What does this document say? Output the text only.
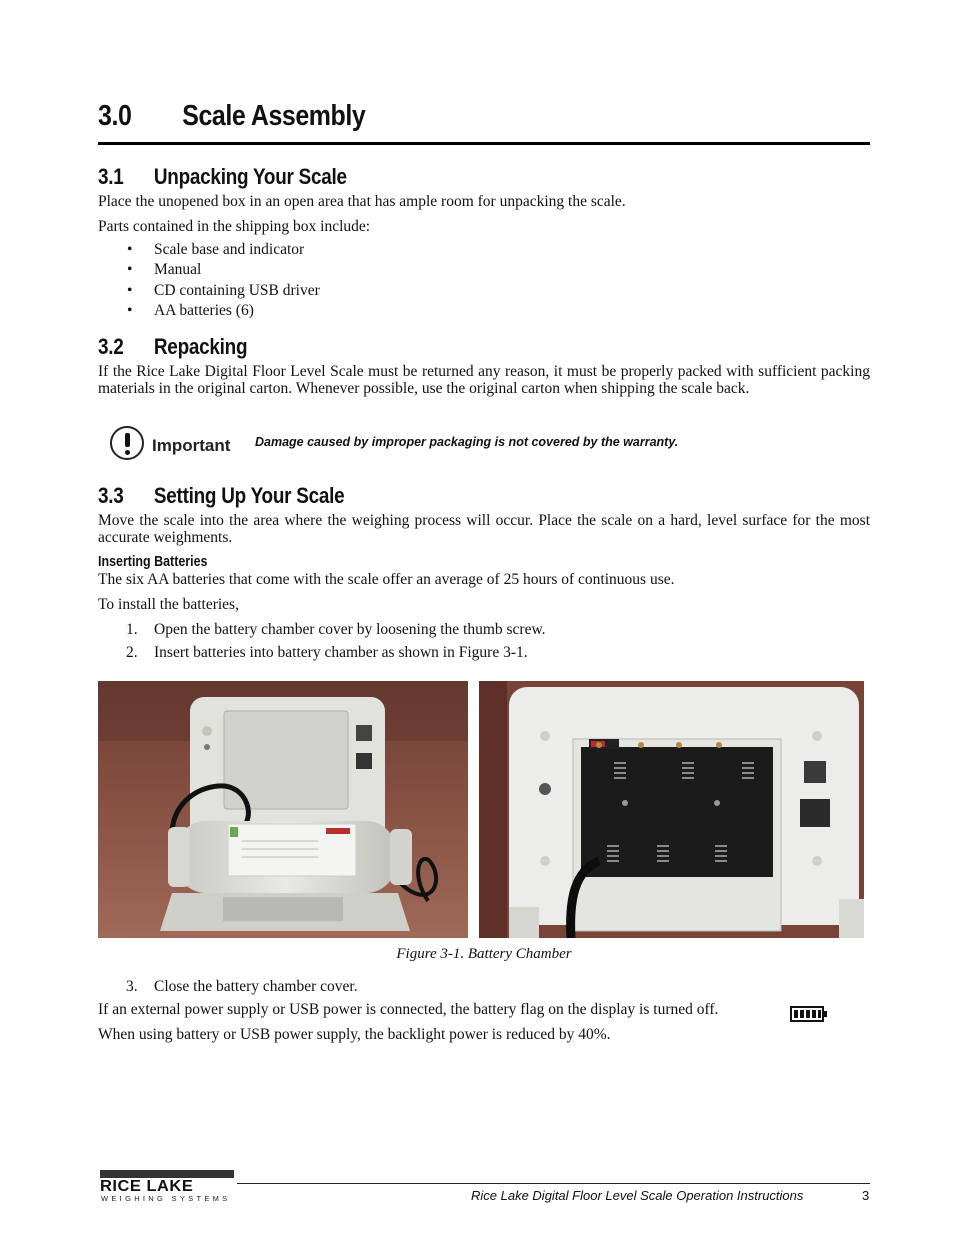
3.0 Scale Assembly
3.1 Unpacking Your Scale
Place the unopened box in an open area that has ample room for unpacking the scale.
Parts contained in the shipping box include:
• Scale base and indicator
• Manual
• CD containing USB driver
• AA batteries (6)
3.2 Repacking
If the Rice Lake Digital Floor Level Scale must be returned any reason, it must be properly packed with sufficient packing materials in the original carton. Whenever possible, use the original carton when shipping the scale back.
Important Damage caused by improper packaging is not covered by the warranty.
3.3 Setting Up Your Scale
Move the scale into the area where the weighing process will occur. Place the scale on a hard, level surface for the most accurate weighments.
Inserting Batteries
The six AA batteries that come with the scale offer an average of 25 hours of continuous use.
To install the batteries,
1. Open the battery chamber cover by loosening the thumb screw.
2. Insert batteries into battery chamber as shown in Figure 3-1.
Figure 3-1. Battery Chamber
3. Close the battery chamber cover.
If an external power supply or USB power is connected, the battery flag on the display is turned off.
When using battery or USB power supply, the backlight power is reduced by 40%.
RICE LAKE
WEIGHING SYSTEMS	Rice Lake Digital Floor Level Scale Operation Instructions	3
